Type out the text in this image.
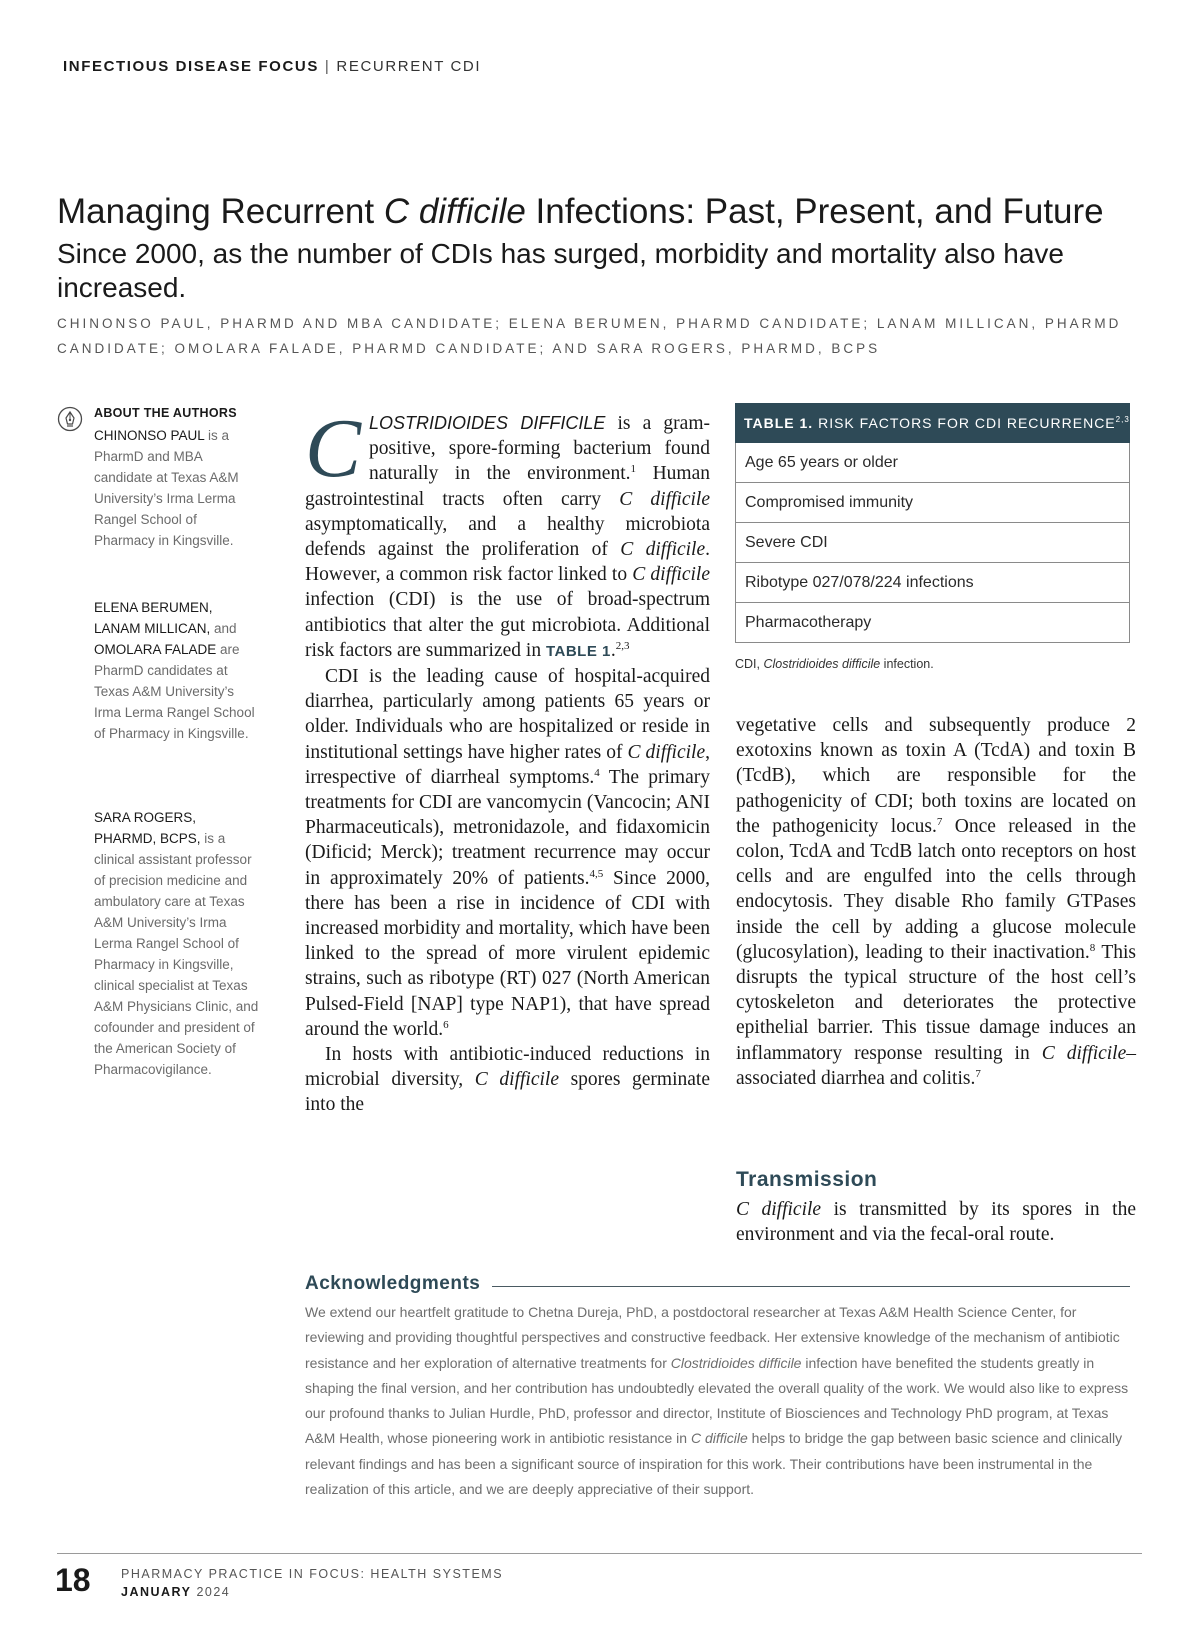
INFECTIOUS DISEASE FOCUS | RECURRENT CDI
Managing Recurrent C difficile Infections: Past, Present, and Future

Since 2000, as the number of CDIs has surged, morbidity and mortality also have increased.

CHINONSO PAUL, PHARMD AND MBA CANDIDATE; ELENA BERUMEN, PHARMD CANDIDATE; LANAM MILLICAN, PHARMD CANDIDATE; OMOLARA FALADE, PHARMD CANDIDATE; AND SARA ROGERS, PHARMD, BCPS
ABOUT THE AUTHORS
CHINONSO PAUL is a PharmD and MBA candidate at Texas A&M University’s Irma Lerma Rangel School of Pharmacy in Kingsville.
ELENA BERUMEN, LANAM MILLICAN, and OMOLARA FALADE are PharmD candidates at Texas A&M University’s Irma Lerma Rangel School of Pharmacy in Kingsville.
SARA ROGERS, PHARMD, BCPS, is a clinical assistant professor of precision medicine and ambulatory care at Texas A&M University’s Irma Lerma Rangel School of Pharmacy in Kingsville, clinical specialist at Texas A&M Physicians Clinic, and cofounder and president of the American Society of Pharmacovigilance.

CLOSTRIDIOIDES DIFFICILE is a gram-positive, spore-forming bacterium found naturally in the environment.$^1$ Human gastrointestinal tracts often carry C difficile asymptomatically, and a healthy microbiota defends against the proliferation of C difficile. However, a common risk factor linked to C difficile infection (CDI) is the use of broad-spectrum antibiotics that alter the gut microbiota. Additional risk factors are summarized in TABLE 1.$^{2,3}$

CDI is the leading cause of hospital-acquired diarrhea, particularly among patients 65 years or older. Individuals who are hospitalized or reside in institutional settings have higher rates of C difficile, irrespective of diarrheal symptoms.$^4$ The primary treatments for CDI are vancomycin (Vancocin; ANI Pharmaceuticals), metronidazole, and fidaxomicin (Dificid; Merck); treatment recurrence may occur in approximately 20% of patients.$^{4,5}$ Since 2000, there has been a rise in incidence of CDI with increased morbidity and mortality, which have been linked to the spread of more virulent epidemic strains, such as ribotype (RT) 027 (North American Pulsed-Field [NAP] type NAP1), that have spread around the world.$^6$

In hosts with antibiotic-induced reductions in microbial diversity, C difficile spores germinate into the

TABLE 1. RISK FACTORS FOR CDI RECURRENCE$^{2,3}$
Age 65 years or older
Compromised immunity
Severe CDI
Ribotype 027/078/224 infections
Pharmacotherapy
CDI, Clostridioides difficile infection.

vegetative cells and subsequently produce 2 exotoxins known as toxin A (TcdA) and toxin B (TcdB), which are responsible for the pathogenicity of CDI; both toxins are located on the pathogenicity locus.$^7$ Once released in the colon, TcdA and TcdB latch onto receptors on host cells and are engulfed into the cells through endocytosis. They disable Rho family GTPases inside the cell by adding a glucose molecule (glucosylation), leading to their inactivation.$^8$ This disrupts the typical structure of the host cell’s cytoskeleton and deteriorates the protective epithelial barrier. This tissue damage induces an inflammatory response resulting in C difficile–associated diarrhea and colitis.$^7$

Transmission

C difficile is transmitted by its spores in the environment and via the fecal-oral route.

Acknowledgments

We extend our heartfelt gratitude to Chetna Dureja, PhD, a postdoctoral researcher at Texas A&M Health Science Center, for reviewing and providing thoughtful perspectives and constructive feedback. Her extensive knowledge of the mechanism of antibiotic resistance and her exploration of alternative treatments for Clostridioides difficile infection have benefited the students greatly in shaping the final version, and her contribution has undoubtedly elevated the overall quality of the work. We would also like to express our profound thanks to Julian Hurdle, PhD, professor and director, Institute of Biosciences and Technology PhD program, at Texas A&M Health, whose pioneering work in antibiotic resistance in C difficile helps to bridge the gap between basic science and clinically relevant findings and has been a significant source of inspiration for this work. Their contributions have been instrumental in the realization of this article, and we are deeply appreciative of their support.

18 PHARMACY PRACTICE IN FOCUS: HEALTH SYSTEMS
JANUARY 2024
